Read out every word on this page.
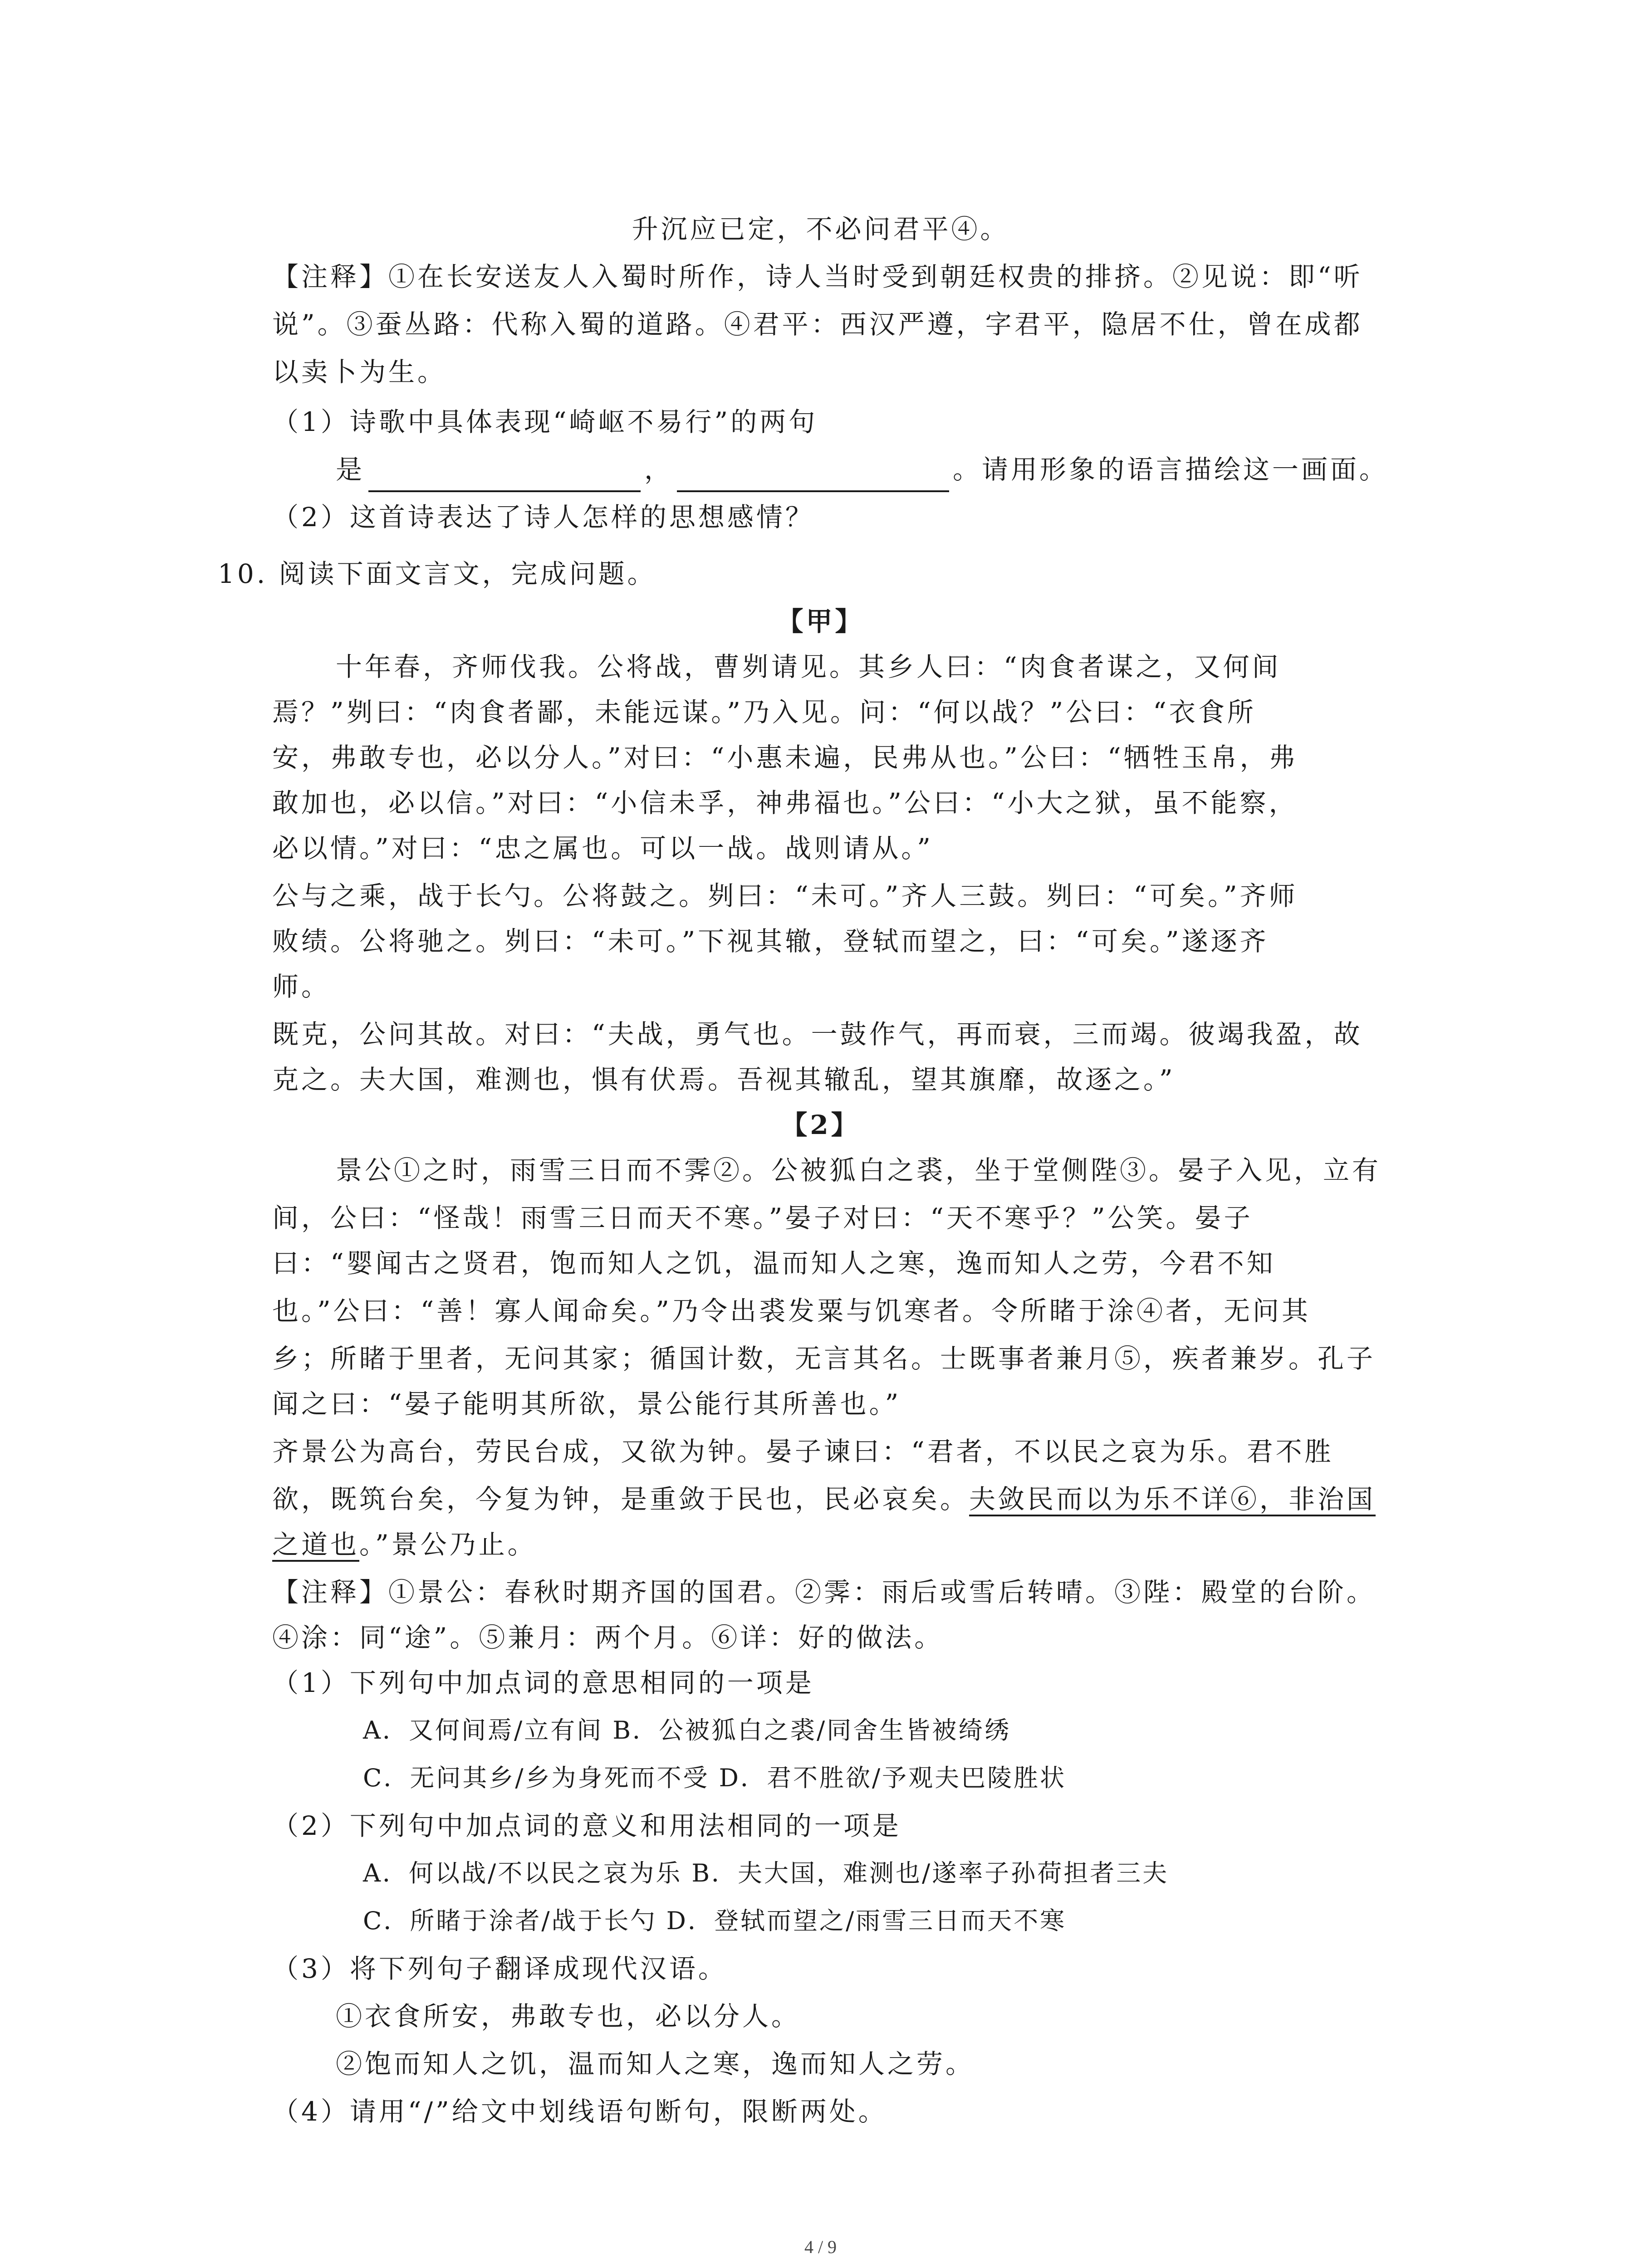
升沉应已定，不必问君平④。
【注释】①在长安送友人入蜀时所作，诗人当时受到朝廷权贵的排挤。②见说：即“听
说”。③蚕丛路：代称入蜀的道路。④君平：西汉严遵，字君平，隐居不仕，曾在成都
以卖卜为生。
（1）诗歌中具体表现“崎岖不易行”的两句
是	，	。请用形象的语言描绘这一画面。
（2）这首诗表达了诗人怎样的思想感情？
10. 阅读下面文言文，完成问题。
【甲】
十年春，齐师伐我。公将战，曹刿请见。其乡人曰：“肉食者谋之，又何间
焉？”刿曰：“肉食者鄙，未能远谋。”乃入见。问：“何以战？”公曰：“衣食所
安，弗敢专也，必以分人。”对曰：“小惠未遍，民弗从也。”公曰：“牺牲玉帛，弗
敢加也，必以信。”对曰：“小信未孚，神弗福也。”公曰：“小大之狱，虽不能察，
必以情。”对曰：“忠之属也。可以一战。战则请从。”
公与之乘，战于长勺。公将鼓之。刿曰：“未可。”齐人三鼓。刿曰：“可矣。”齐师
败绩。公将驰之。刿曰：“未可。”下视其辙，登轼而望之，曰：“可矣。”遂逐齐
师。
既克，公问其故。对曰：“夫战，勇气也。一鼓作气，再而衰，三而竭。彼竭我盈，故
克之。夫大国，难测也，惧有伏焉。吾视其辙乱，望其旗靡，故逐之。”
【2】
景公①之时，雨雪三日而不霁②。公被狐白之裘，坐于堂侧陛③。晏子入见，立有
间，公曰：“怪哉！雨雪三日而天不寒。”晏子对曰：“天不寒乎？”公笑。晏子
曰：“婴闻古之贤君，饱而知人之饥，温而知人之寒，逸而知人之劳，今君不知
也。”公曰：“善！寡人闻命矣。”乃令出裘发粟与饥寒者。令所睹于涂④者，无问其
乡；所睹于里者，无问其家；循国计数，无言其名。士既事者兼月⑤，疾者兼岁。孔子
闻之曰：“晏子能明其所欲，景公能行其所善也。”
齐景公为高台，劳民台成，又欲为钟。晏子谏曰：“君者，不以民之哀为乐。君不胜
欲，既筑台矣，今复为钟，是重敛于民也，民必哀矣。夫敛民而以为乐不详⑥，非治国
之道也。”景公乃止。
【注释】①景公：春秋时期齐国的国君。②霁：雨后或雪后转晴。③陛：殿堂的台阶。
④涂：同“途”。⑤兼月：两个月。⑥详：好的做法。
（1）下列句中加点词的意思相同的一项是
A．又何间焉/立有间 B．公被狐白之裘/同舍生皆被绮绣
C．无问其乡/乡为身死而不受 D．君不胜欲/予观夫巴陵胜状
（2）下列句中加点词的意义和用法相同的一项是
A．何以战/不以民之哀为乐 B．夫大国，难测也/遂率子孙荷担者三夫
C．所睹于涂者/战于长勺 D．登轼而望之/雨雪三日而天不寒
（3）将下列句子翻译成现代汉语。
①衣食所安，弗敢专也，必以分人。
②饱而知人之饥，温而知人之寒，逸而知人之劳。
（4）请用“/”给文中划线语句断句，限断两处。
4 / 9
